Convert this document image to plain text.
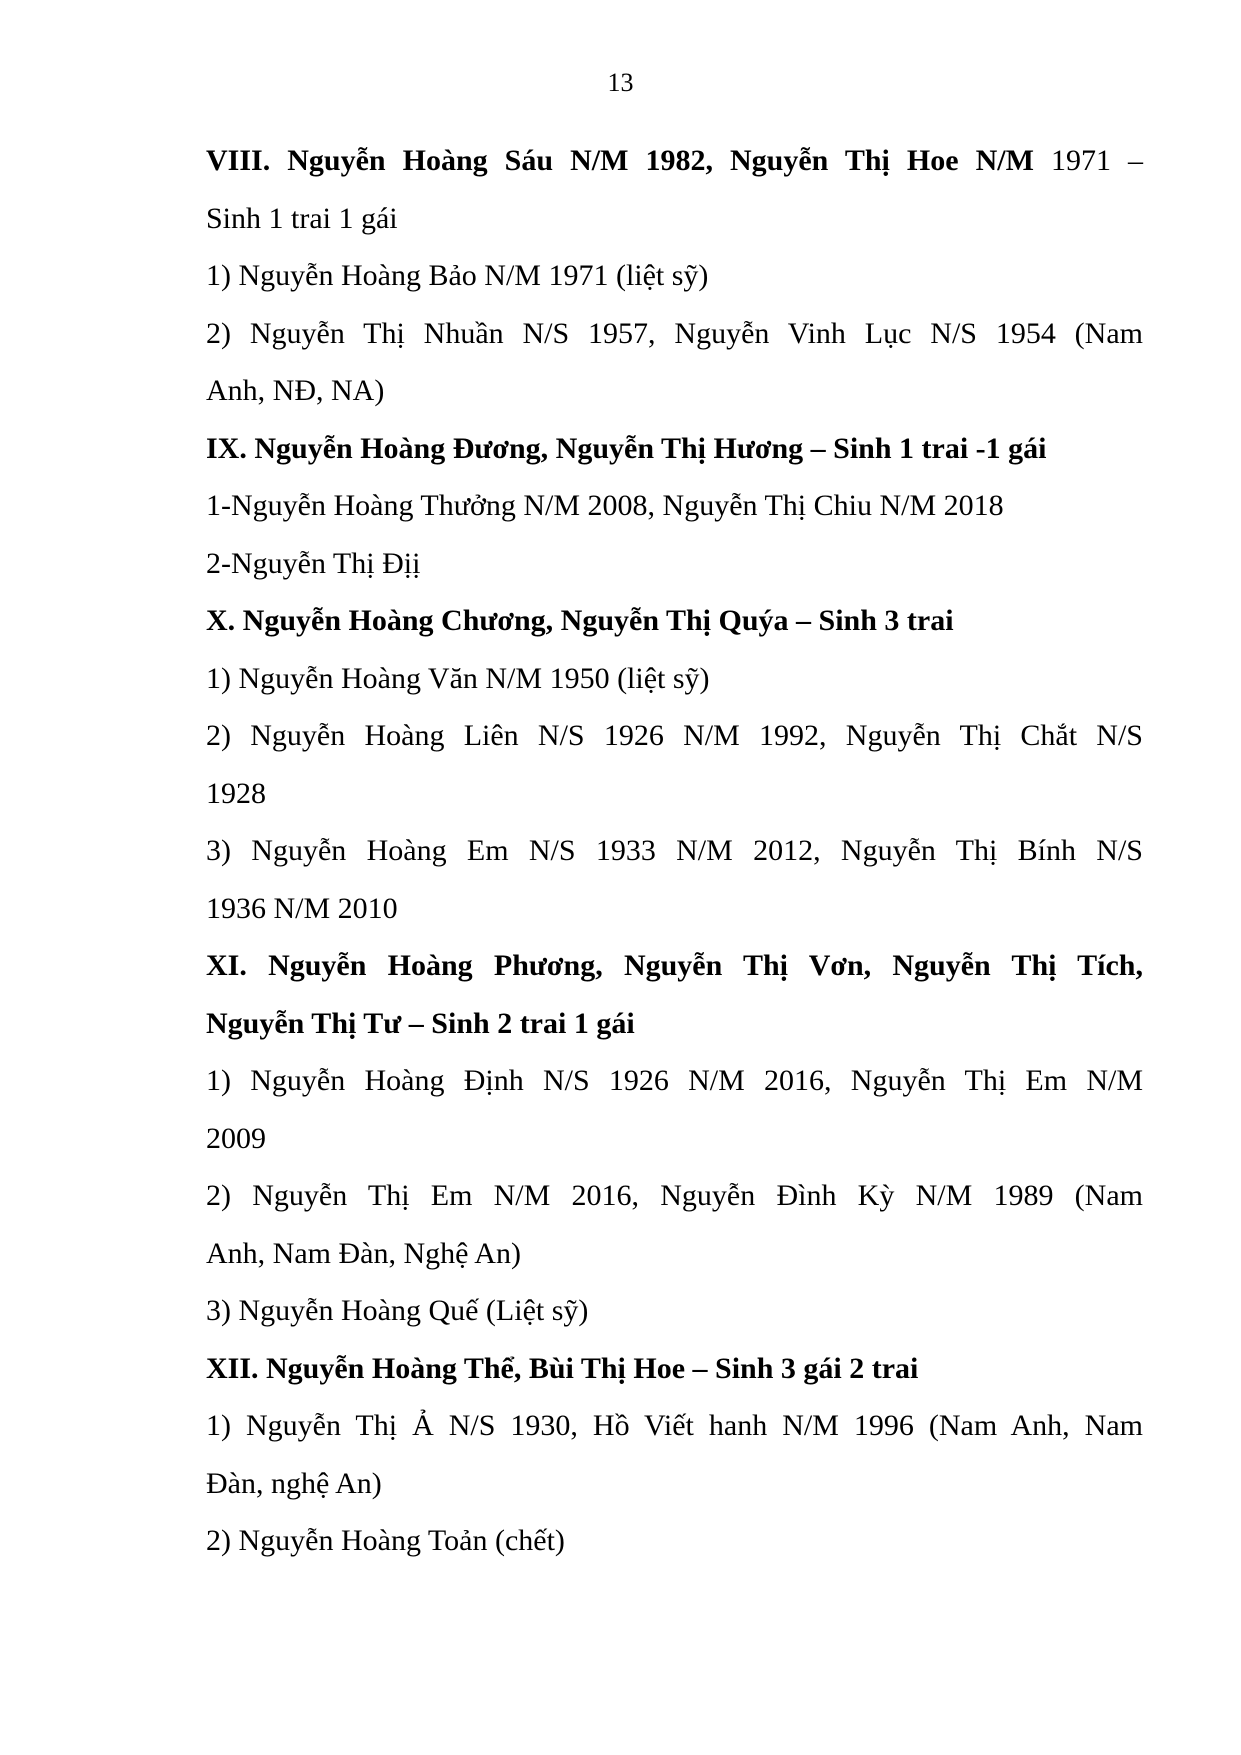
13
VIII. Nguyễn Hoàng Sáu N/M 1982, Nguyễn Thị Hoe N/M 1971 –
Sinh 1 trai 1 gái
1) Nguyễn Hoàng Bảo N/M 1971 (liệt sỹ)
2) Nguyễn Thị Nhuần N/S 1957, Nguyễn Vinh Lục N/S 1954 (Nam
Anh, NĐ, NA)
IX. Nguyễn Hoàng Đương, Nguyễn Thị Hương – Sinh 1 trai -1 gái
1-Nguyễn Hoàng Thưởng N/M 2008, Nguyễn Thị Chiu N/M 2018
2-Nguyễn Thị Địị
X. Nguyễn Hoàng Chương, Nguyễn Thị Quýa – Sinh 3 trai
1) Nguyễn Hoàng Văn N/M 1950 (liệt sỹ)
2) Nguyễn Hoàng Liên N/S 1926 N/M 1992, Nguyễn Thị Chắt N/S
1928
3) Nguyễn Hoàng Em N/S 1933 N/M 2012, Nguyễn Thị Bính N/S
1936 N/M 2010
XI. Nguyễn Hoàng Phương, Nguyễn Thị Vơn, Nguyễn Thị Tích,
Nguyễn Thị Tư – Sinh 2 trai 1 gái
1) Nguyễn Hoàng Định N/S 1926 N/M 2016, Nguyễn Thị Em N/M
2009
2) Nguyễn Thị Em N/M 2016, Nguyễn Đình Kỳ N/M 1989 (Nam
Anh, Nam Đàn, Nghệ An)
3) Nguyễn Hoàng Quế (Liệt sỹ)
XII. Nguyễn Hoàng Thể, Bùi Thị Hoe – Sinh 3 gái 2 trai
1) Nguyễn Thị Ả N/S 1930, Hồ Viết hanh N/M 1996 (Nam Anh, Nam
Đàn, nghệ An)
2) Nguyễn Hoàng Toản (chết)
